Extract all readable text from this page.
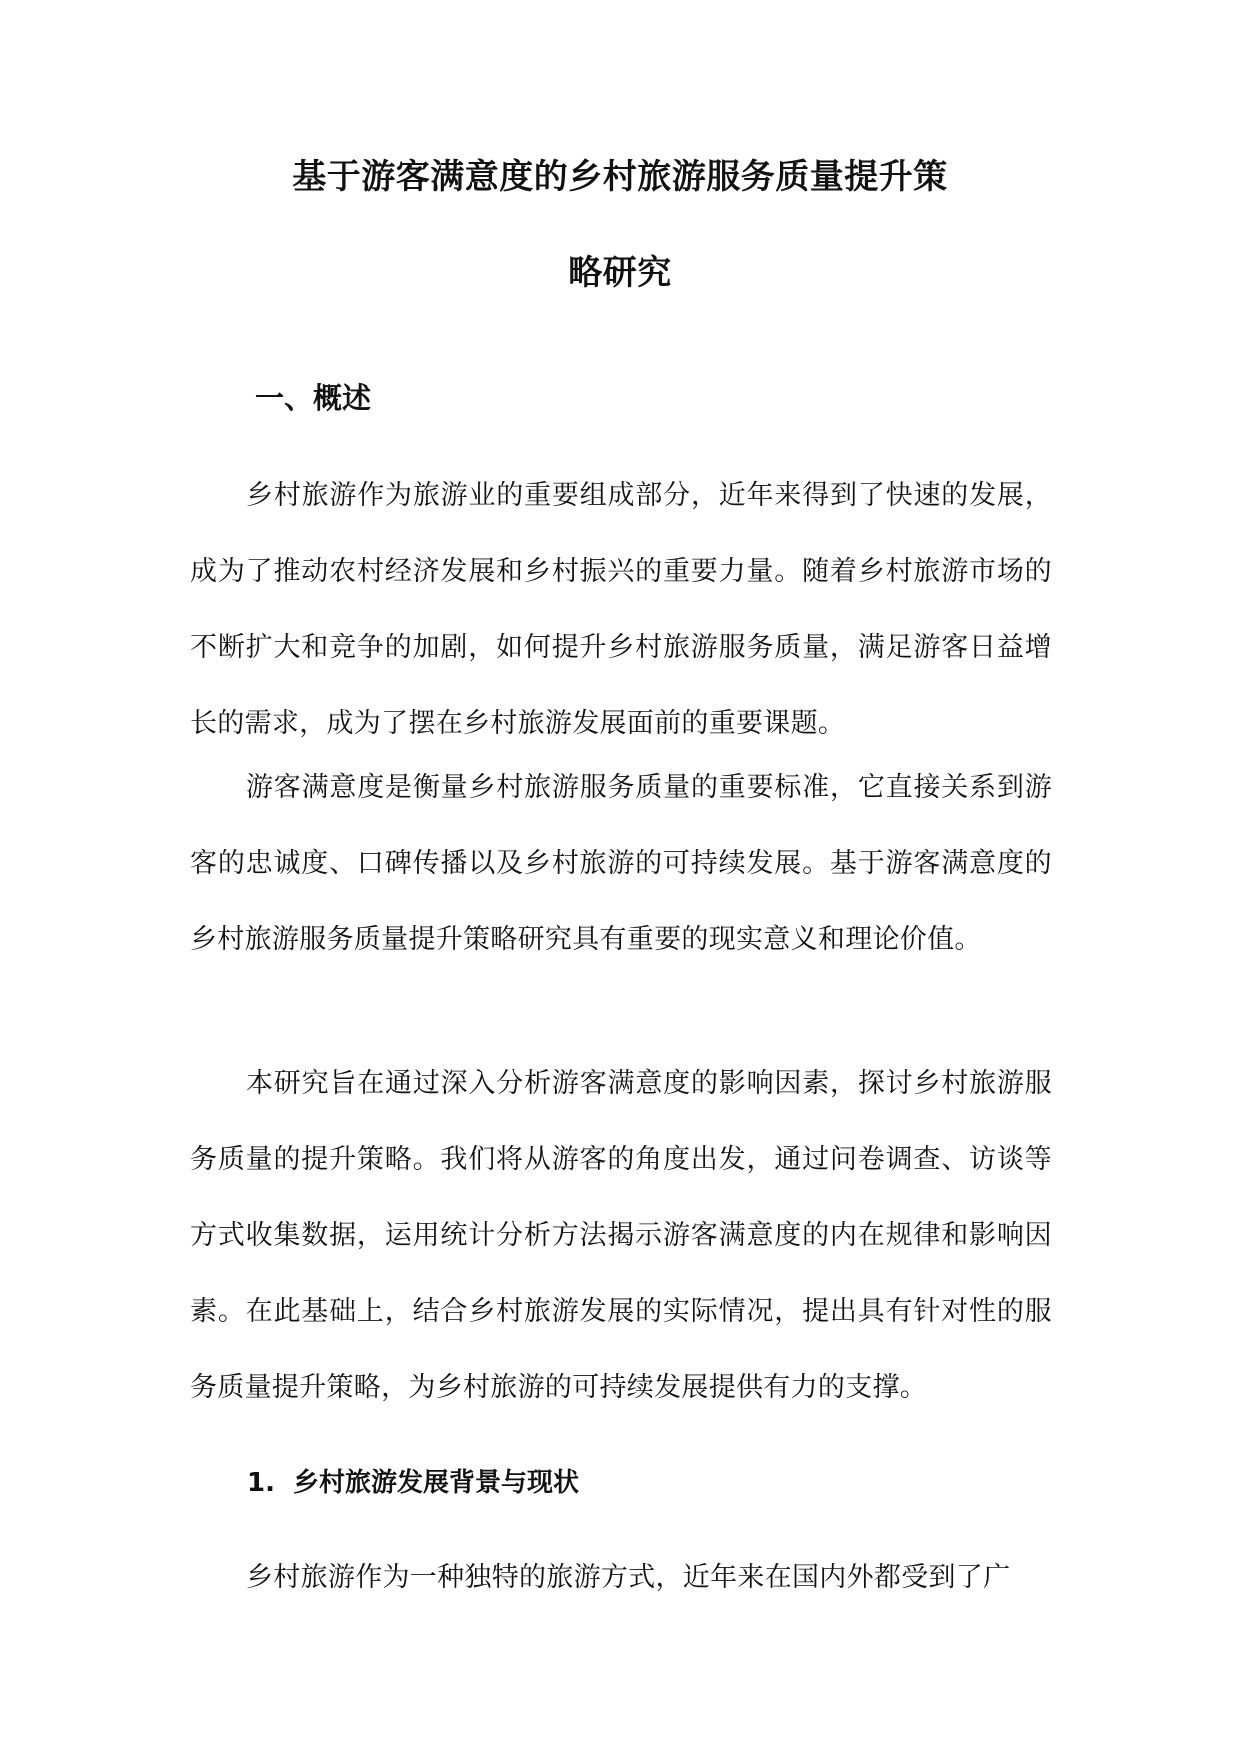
基于游客满意度的乡村旅游服务质量提升策
略研究
一、概述
乡村旅游作为旅游业的重要组成部分，近年来得到了快速的发展，成为了推动农村经济发展和乡村振兴的重要力量。随着乡村旅游市场的不断扩大和竞争的加剧，如何提升乡村旅游服务质量，满足游客日益增长的需求，成为了摆在乡村旅游发展面前的重要课题。
游客满意度是衡量乡村旅游服务质量的重要标准，它直接关系到游客的忠诚度、口碑传播以及乡村旅游的可持续发展。基于游客满意度的乡村旅游服务质量提升策略研究具有重要的现实意义和理论价值。
本研究旨在通过深入分析游客满意度的影响因素，探讨乡村旅游服务质量的提升策略。我们将从游客的角度出发，通过问卷调查、访谈等方式收集数据，运用统计分析方法揭示游客满意度的内在规律和影响因素。在此基础上，结合乡村旅游发展的实际情况，提出具有针对性的服务质量提升策略，为乡村旅游的可持续发展提供有力的支撑。
1. 乡村旅游发展背景与现状
乡村旅游作为一种独特的旅游方式，近年来在国内外都受到了广
